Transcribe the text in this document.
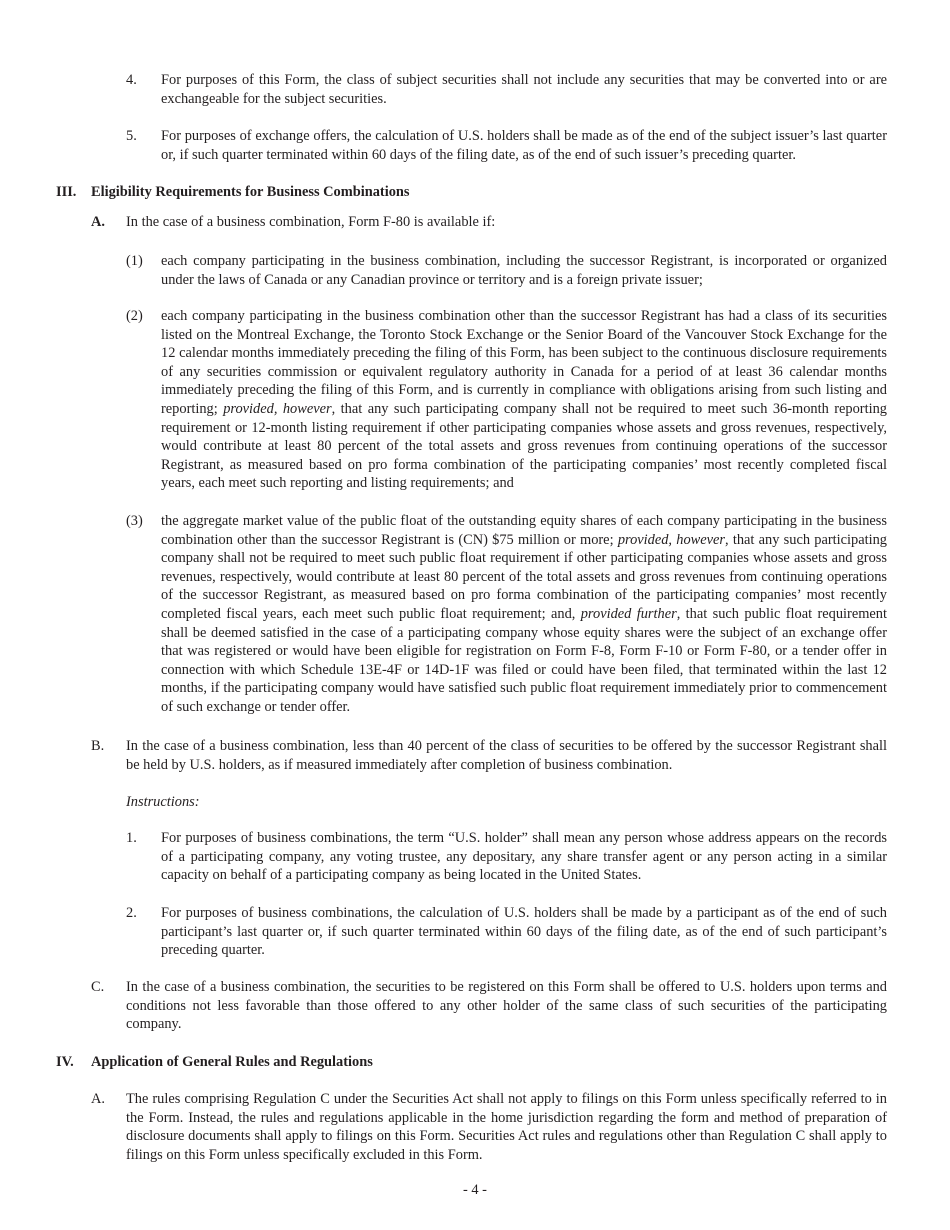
4. For purposes of this Form, the class of subject securities shall not include any securities that may be converted into or are exchangeable for the subject securities.
5. For purposes of exchange offers, the calculation of U.S. holders shall be made as of the end of the subject issuer’s last quarter or, if such quarter terminated within 60 days of the filing date, as of the end of such issuer’s preceding quarter.
III. Eligibility Requirements for Business Combinations
A. In the case of a business combination, Form F-80 is available if:
(1) each company participating in the business combination, including the successor Registrant, is incorporated or organized under the laws of Canada or any Canadian province or territory and is a foreign private issuer;
(2) each company participating in the business combination other than the successor Registrant has had a class of its securities listed on the Montreal Exchange, the Toronto Stock Exchange or the Senior Board of the Vancouver Stock Exchange for the 12 calendar months immediately preceding the filing of this Form, has been subject to the continuous disclosure requirements of any securities commission or equivalent regulatory authority in Canada for a period of at least 36 calendar months immediately preceding the filing of this Form, and is currently in compliance with obligations arising from such listing and reporting; provided, however, that any such participating company shall not be required to meet such 36-month reporting requirement or 12-month listing requirement if other participating companies whose assets and gross revenues, respectively, would contribute at least 80 percent of the total assets and gross revenues from continuing operations of the successor Registrant, as measured based on pro forma combination of the participating companies’ most recently completed fiscal years, each meet such reporting and listing requirements; and
(3) the aggregate market value of the public float of the outstanding equity shares of each company participating in the business combination other than the successor Registrant is (CN) $75 million or more; provided, however, that any such participating company shall not be required to meet such public float requirement if other participating companies whose assets and gross revenues, respectively, would contribute at least 80 percent of the total assets and gross revenues from continuing operations of the successor Registrant, as measured based on pro forma combination of the participating companies’ most recently completed fiscal years, each meet such public float requirement; and, provided further, that such public float requirement shall be deemed satisfied in the case of a participating company whose equity shares were the subject of an exchange offer that was registered or would have been eligible for registration on Form F-8, Form F-10 or Form F-80, or a tender offer in connection with which Schedule 13E-4F or 14D-1F was filed or could have been filed, that terminated within the last 12 months, if the participating company would have satisfied such public float requirement immediately prior to commencement of such exchange or tender offer.
B. In the case of a business combination, less than 40 percent of the class of securities to be offered by the successor Registrant shall be held by U.S. holders, as if measured immediately after completion of business combination.
Instructions:
1. For purposes of business combinations, the term “U.S. holder” shall mean any person whose address appears on the records of a participating company, any voting trustee, any depositary, any share transfer agent or any person acting in a similar capacity on behalf of a participating company as being located in the United States.
2. For purposes of business combinations, the calculation of U.S. holders shall be made by a participant as of the end of such participant’s last quarter or, if such quarter terminated within 60 days of the filing date, as of the end of such participant’s preceding quarter.
C. In the case of a business combination, the securities to be registered on this Form shall be offered to U.S. holders upon terms and conditions not less favorable than those offered to any other holder of the same class of such securities of the participating company.
IV. Application of General Rules and Regulations
A. The rules comprising Regulation C under the Securities Act shall not apply to filings on this Form unless specifically referred to in the Form. Instead, the rules and regulations applicable in the home jurisdiction regarding the form and method of preparation of disclosure documents shall apply to filings on this Form. Securities Act rules and regulations other than Regulation C shall apply to filings on this Form unless specifically excluded in this Form.
- 4 -
